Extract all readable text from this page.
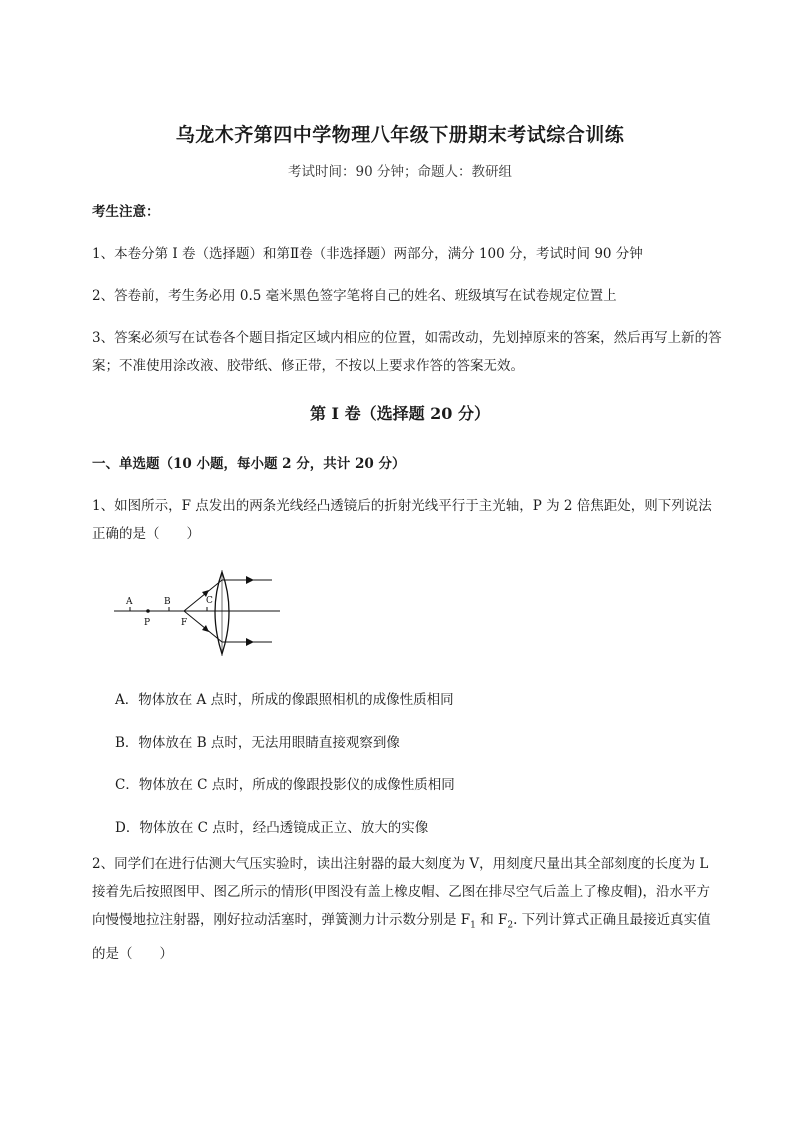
乌龙木齐第四中学物理八年级下册期末考试综合训练
考试时间：90 分钟；命题人：教研组
考生注意：
1、本卷分第 I 卷（选择题）和第Ⅱ卷（非选择题）两部分，满分 100 分，考试时间 90 分钟
2、答卷前，考生务必用 0.5 毫米黑色签字笔将自己的姓名、班级填写在试卷规定位置上
3、答案必须写在试卷各个题目指定区域内相应的位置，如需改动，先划掉原来的答案，然后再写上新的答案；不准使用涂改液、胶带纸、修正带，不按以上要求作答的答案无效。
第 I 卷（选择题 20 分）
一、单选题（10 小题，每小题 2 分，共计 20 分）
1、如图所示，F 点发出的两条光线经凸透镜后的折射光线平行于主光轴，P 为 2 倍焦距处，则下列说法正确的是（　　）
A	B	C
P	F
A．物体放在 A 点时，所成的像跟照相机的成像性质相同
B．物体放在 B 点时，无法用眼睛直接观察到像
C．物体放在 C 点时，所成的像跟投影仪的成像性质相同
D．物体放在 C 点时，经凸透镜成正立、放大的实像
2、同学们在进行估测大气压实验时，读出注射器的最大刻度为 V，用刻度尺量出其全部刻度的长度为 L 接着先后按照图甲、图乙所示的情形(甲图没有盖上橡皮帽、乙图在排尽空气后盖上了橡皮帽)，沿水平方向慢慢地拉注射器，刚好拉动活塞时，弹簧测力计示数分别是 $F_1$ 和 $F_2$. 下列计算式正确且最接近真实值的是（　　）
